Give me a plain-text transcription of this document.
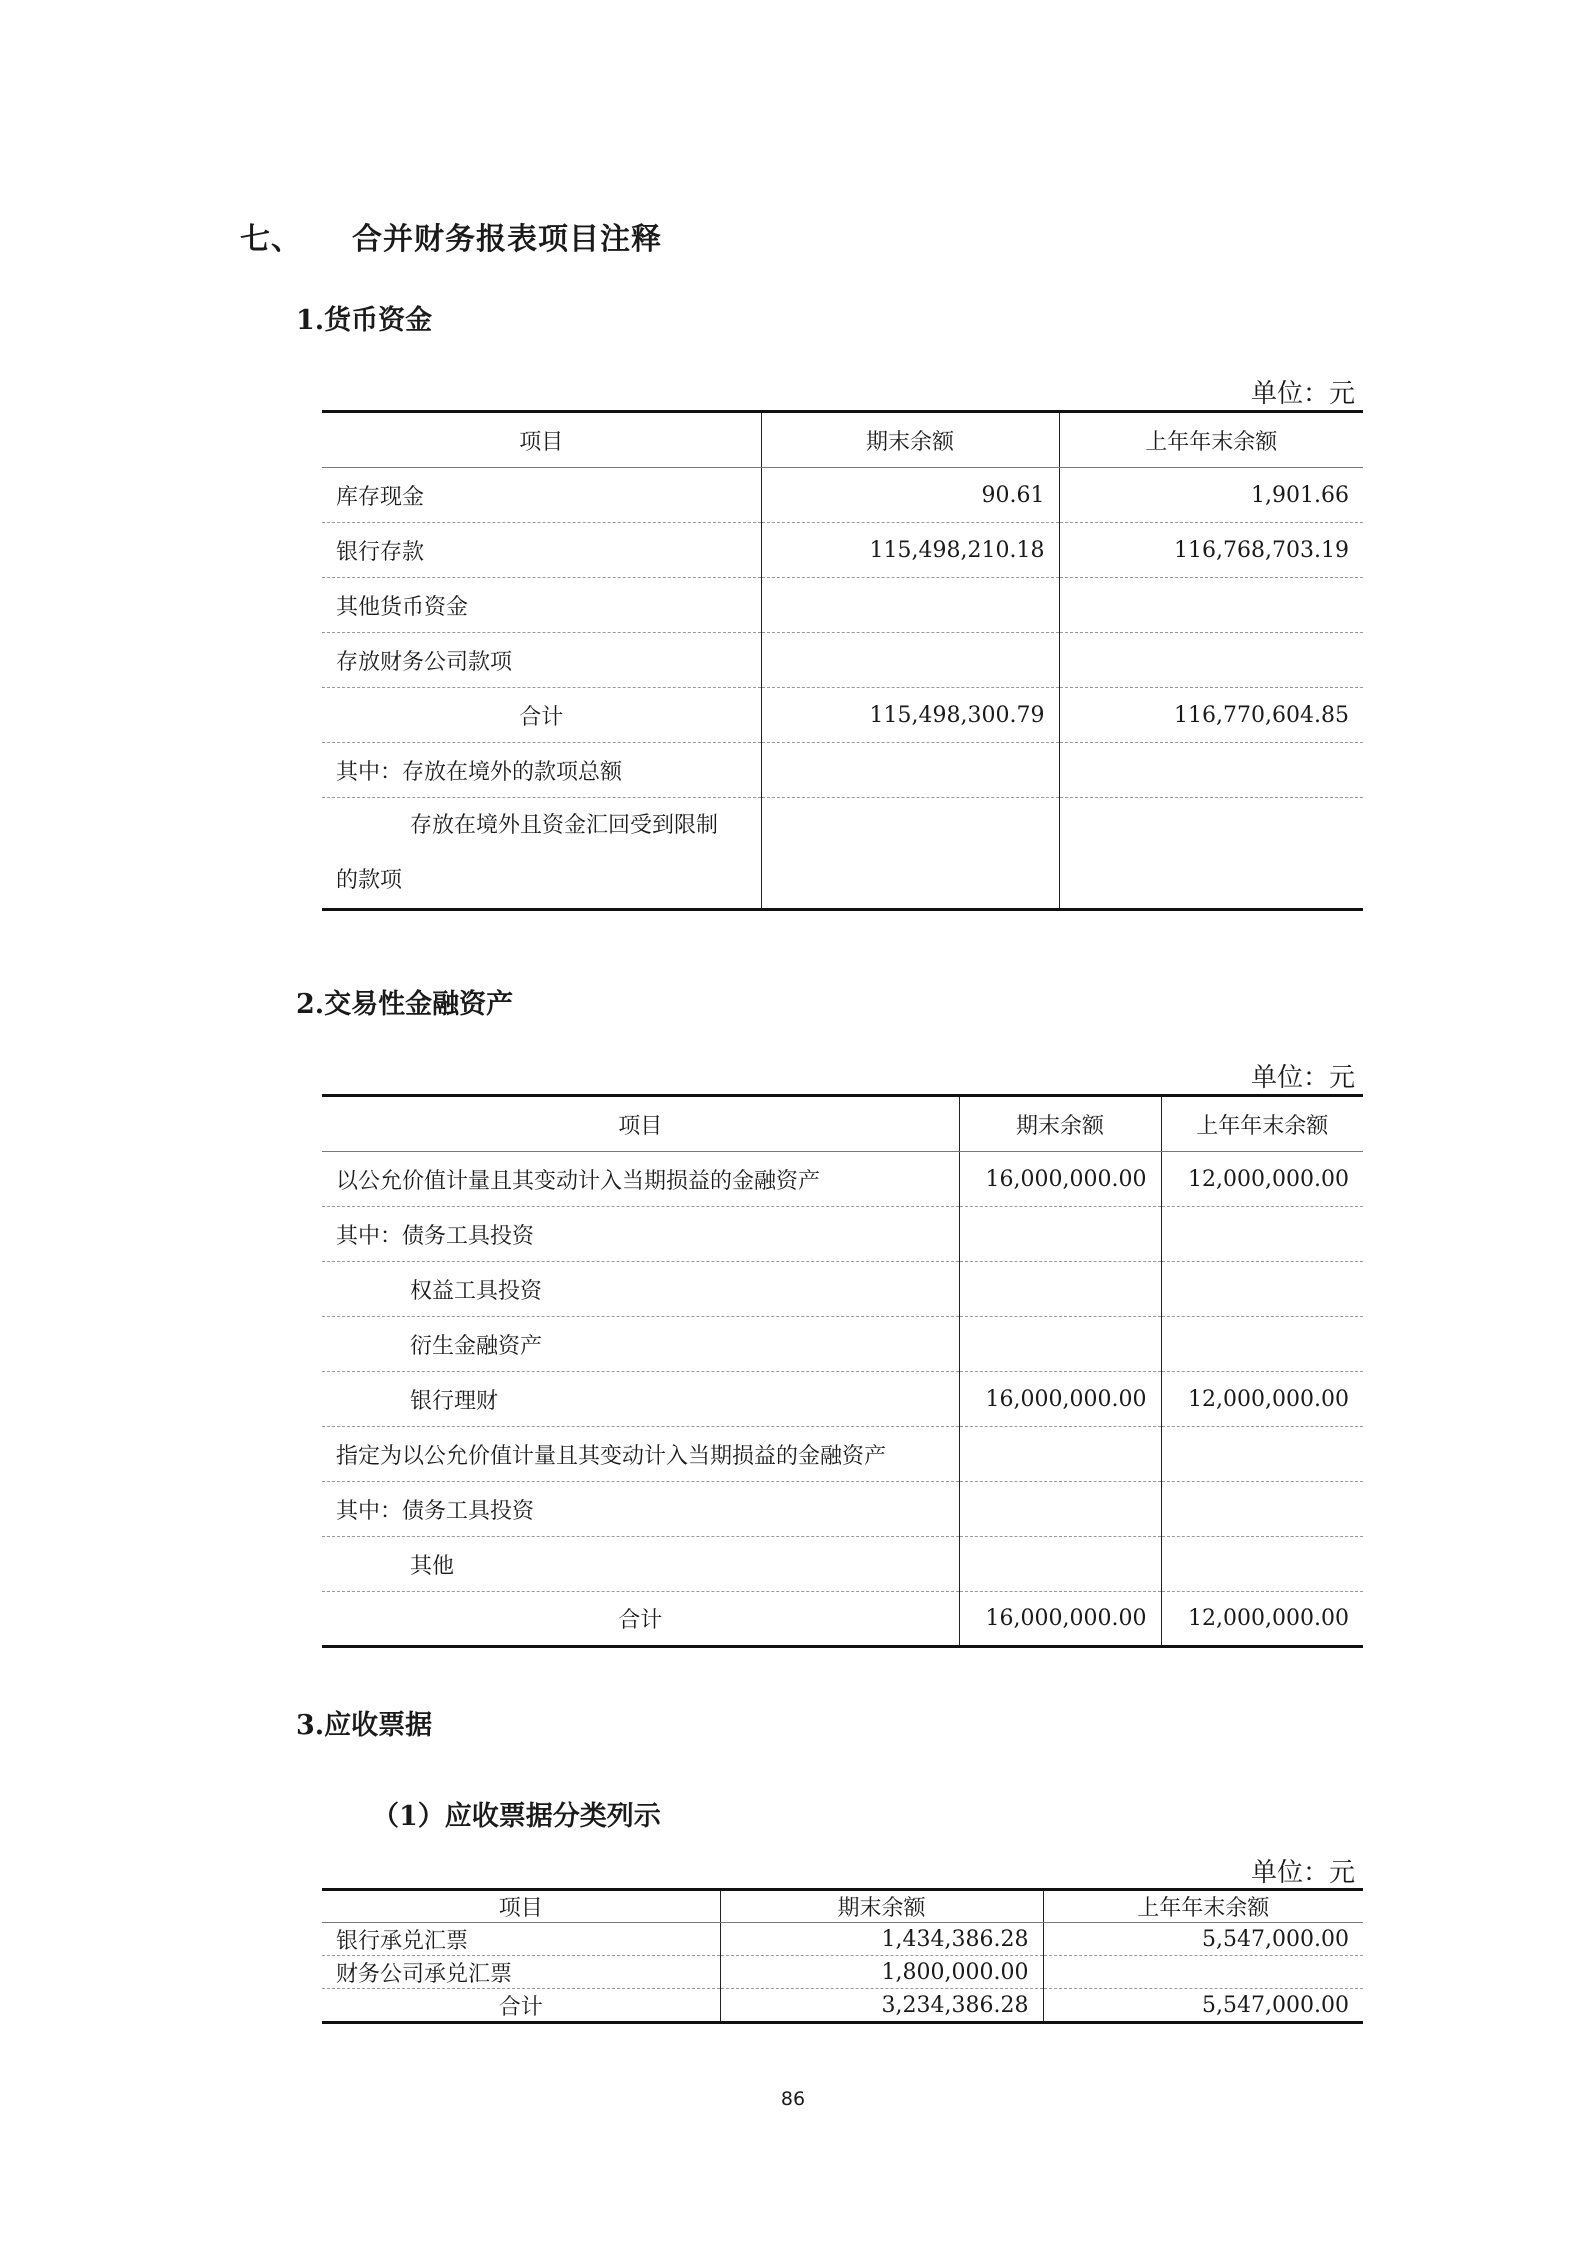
七、 合并财务报表项目注释
1.货币资金
单位：元
项目	期末余额	上年年末余额
库存现金	90.61	1,901.66
银行存款	115,498,210.18	116,768,703.19
其他货币资金		
存放财务公司款项		
合计	115,498,300.79	116,770,604.85
其中：存放在境外的款项总额		

存放在境外且资金汇回受到限制
的款项		

2.交易性金融资产
单位：元
项目	期末余额	上年年末余额
以公允价值计量且其变动计入当期损益的金融资产	16,000,000.00	12,000,000.00
其中：债务工具投资		
权益工具投资		
衍生金融资产		
银行理财	16,000,000.00	12,000,000.00
指定为以公允价值计量且其变动计入当期损益的金融资产		
其中：债务工具投资		
其他		
合计	16,000,000.00	12,000,000.00
3.应收票据
（1）应收票据分类列示
单位：元
项目	期末余额	上年年末余额
银行承兑汇票	1,434,386.28	5,547,000.00
财务公司承兑汇票	1,800,000.00	
合计	3,234,386.28	5,547,000.00
86
